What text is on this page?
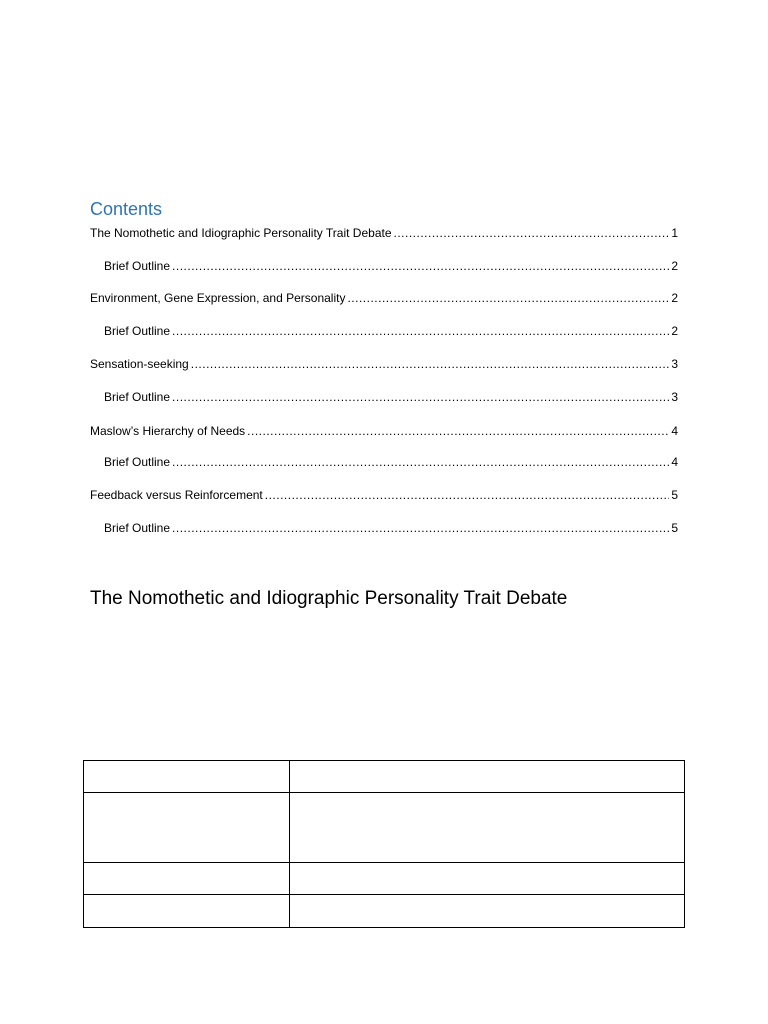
Contents
The Nomothetic and Idiographic Personality Trait Debate .....	1
Brief Outline .....	2
Environment, Gene Expression, and Personality .....	2
Brief Outline .....	2
Sensation-seeking .....	3
Brief Outline .....	3
Maslow’s Hierarchy of Needs .....	4
Brief Outline .....	4
Feedback versus Reinforcement .....	5
Brief Outline .....	5
The Nomothetic and Idiographic Personality Trait Debate
